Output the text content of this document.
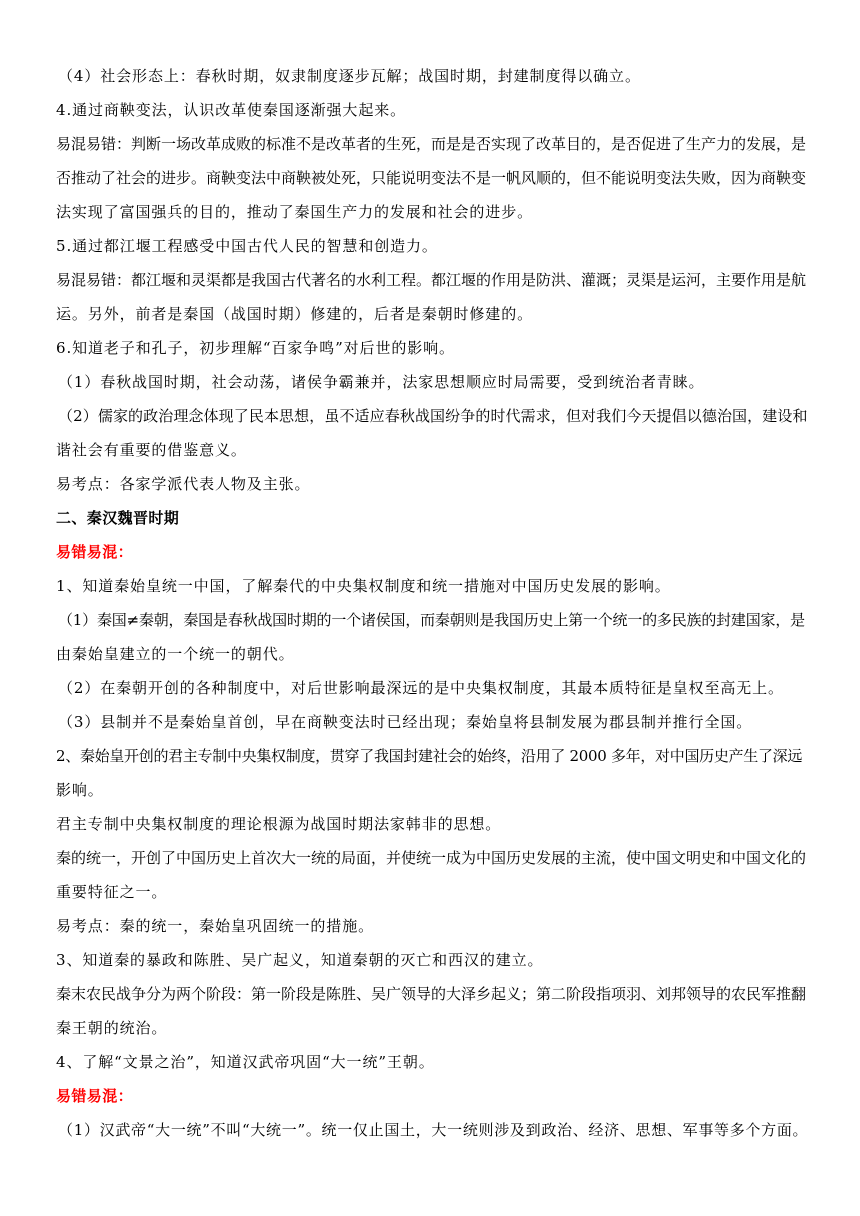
（4）社会形态上：春秋时期，奴隶制度逐步瓦解；战国时期，封建制度得以确立。
4.通过商鞅变法，认识改革使秦国逐渐强大起来。
易混易错：判断一场改革成败的标准不是改革者的生死，而是是否实现了改革目的，是否促进了生产力的发展，是
否推动了社会的进步。商鞅变法中商鞅被处死，只能说明变法不是一帆风顺的，但不能说明变法失败，因为商鞅变
法实现了富国强兵的目的，推动了秦国生产力的发展和社会的进步。
5.通过都江堰工程感受中国古代人民的智慧和创造力。
易混易错：都江堰和灵渠都是我国古代著名的水利工程。都江堰的作用是防洪、灌溉；灵渠是运河，主要作用是航
运。另外，前者是秦国（战国时期）修建的，后者是秦朝时修建的。
6.知道老子和孔子，初步理解“百家争鸣”对后世的影响。
（1）春秋战国时期，社会动荡，诸侯争霸兼并，法家思想顺应时局需要，受到统治者青睐。
（2）儒家的政治理念体现了民本思想，虽不适应春秋战国纷争的时代需求，但对我们今天提倡以德治国，建设和
谐社会有重要的借鉴意义。
易考点：各家学派代表人物及主张。
二、秦汉魏晋时期
易错易混：
1、知道秦始皇统一中国，了解秦代的中央集权制度和统一措施对中国历史发展的影响。
（1）秦国≠秦朝，秦国是春秋战国时期的一个诸侯国，而秦朝则是我国历史上第一个统一的多民族的封建国家，是
由秦始皇建立的一个统一的朝代。
（2）在秦朝开创的各种制度中，对后世影响最深远的是中央集权制度，其最本质特征是皇权至高无上。
（3）县制并不是秦始皇首创，早在商鞅变法时已经出现；秦始皇将县制发展为郡县制并推行全国。
2、秦始皇开创的君主专制中央集权制度，贯穿了我国封建社会的始终，沿用了 2000 多年，对中国历史产生了深远
影响。
君主专制中央集权制度的理论根源为战国时期法家韩非的思想。
秦的统一，开创了中国历史上首次大一统的局面，并使统一成为中国历史发展的主流，使中国文明史和中国文化的
重要特征之一。
易考点：秦的统一，秦始皇巩固统一的措施。
3、知道秦的暴政和陈胜、吴广起义，知道秦朝的灭亡和西汉的建立。
秦末农民战争分为两个阶段：第一阶段是陈胜、吴广领导的大泽乡起义；第二阶段指项羽、刘邦领导的农民军推翻
秦王朝的统治。
4、了解“文景之治”，知道汉武帝巩固“大一统”王朝。
易错易混：
（1）汉武帝“大一统”不叫“大统一”。统一仅止国土，大一统则涉及到政治、经济、思想、军事等多个方面。
